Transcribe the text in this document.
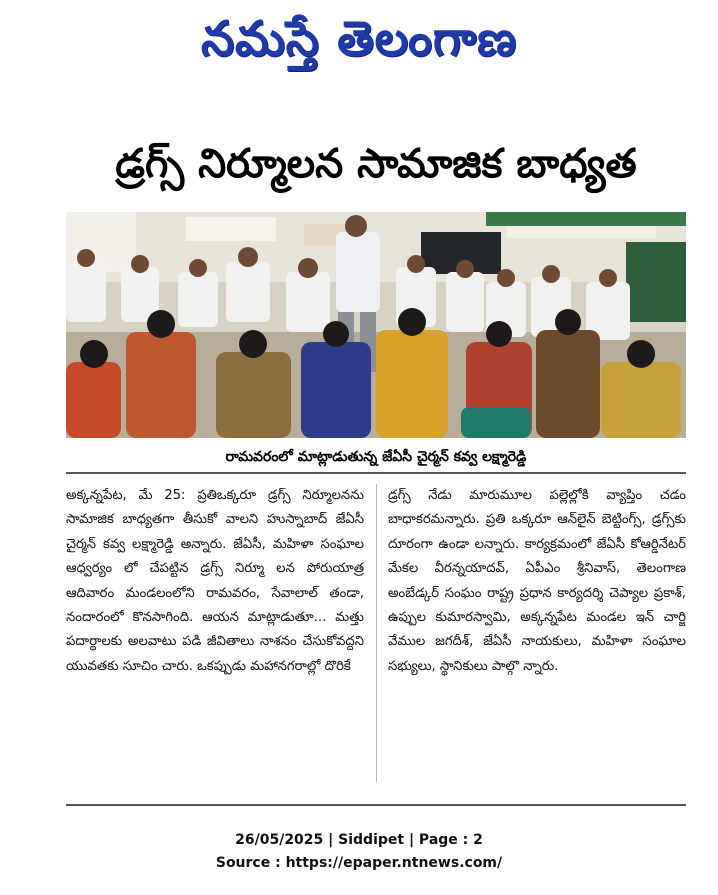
నమస్తే తెలంగాణ
డ్రగ్స్ నిర్మూలన సామాజిక బాధ్యత
రామవరంలో మాట్లాడుతున్న జేఏసీ చైర్మన్ కవ్వ లక్ష్మారెడ్డి

అక్కన్నపేట, మే 25: ప్రతిఒక్కరూ డ్రగ్స్ నిర్మూలనను సామాజిక బాధ్యతగా తీసుకో వాలని హుస్నాబాద్ జేఏసీ చైర్మన్ కవ్వ లక్ష్మారెడ్డి అన్నారు. జేఏసీ, మహిళా సంఘాల ఆధ్వర్యం లో చేపట్టిన డ్రగ్స్ నిర్మూ లన పోరుయాత్ర ఆదివారం మండలంలోని రామవరం, సేవాలాల్ తండా, నందారంలో కొనసాగింది. ఆయన మాట్లాడుతూ... మత్తు పదార్థాలకు అలవాటు పడి జీవితాలు నాశనం చేసుకోవద్దని యువతకు సూచిం చారు. ఒకప్పుడు మహానగరాల్లో దొరికే

డ్రగ్స్ నేడు మారుమూల పల్లెల్లోకి వ్యాప్తిం చడం బాధాకరమన్నారు. ప్రతి ఒక్కరూ ఆన్‌లైన్ బెట్టింగ్స్, డ్రగ్స్‌కు దూరంగా ఉండా లన్నారు. కార్యక్రమంలో జేఏసీ కోఆర్డినేటర్ మేకల వీరన్నయాదవ్, ఏపీఎం శ్రీనివాస్, తెలంగాణ అంబేడ్కర్ సంఘం రాష్ట్ర ప్రధాన కార్యదర్శి చెప్యాల ప్రకాశ్, ఉప్పుల కుమారస్వామి, అక్కన్నపేట మండల ఇన్ చార్జి వేముల జగదీశ్, జేఏసీ నాయకులు, మహిళా సంఘాల సభ్యులు, స్థానికులు పాల్గొ న్నారు.

26/05/2025 | Siddipet | Page : 2
Source : https://epaper.ntnews.com/
